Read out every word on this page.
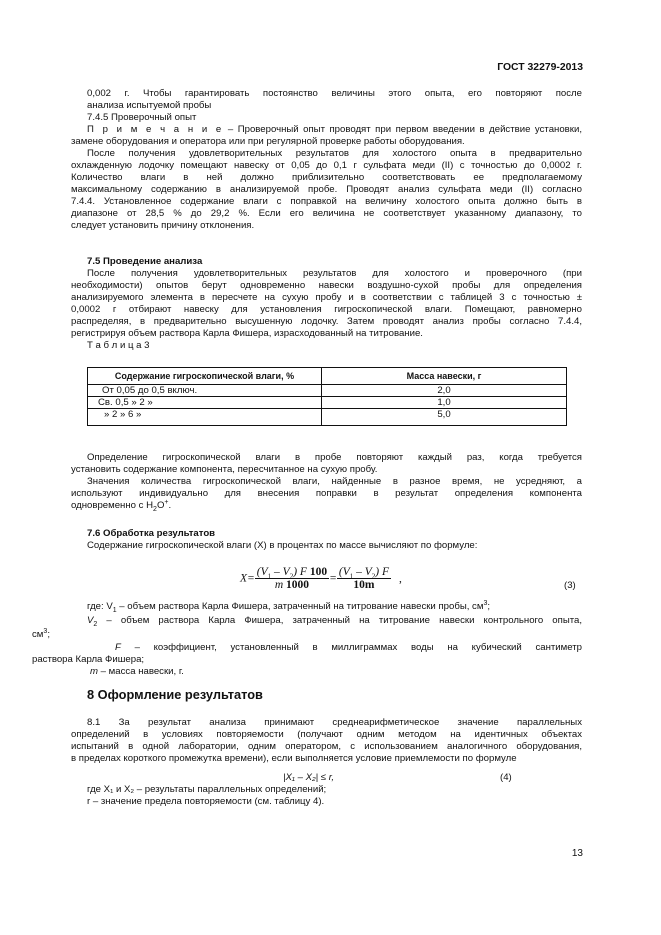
ГОСТ 32279-2013

0,002 г. Чтобы гарантировать постоянство величины этого опыта, его повторяют после

анализа испытуемой пробы

7.4.5 Проверочный опыт

П р и м е ч а н и е – Проверочный опыт проводят при первом введении в действие установки,

замене оборудования и оператора или при регулярной проверке работы оборудования.

После получения удовлетворительных результатов для холостого опыта в предварительно

охлажденную лодочку помещают навеску от 0,05 до 0,1 г сульфата меди (II) с точностью до 0,0002 г.

Количество влаги в ней должно приблизительно соответствовать ее предполагаемому

максимальному содержанию в анализируемой пробе. Проводят анализ сульфата меди (II) согласно

7.4.4. Установленное содержание влаги с поправкой на величину холостого опыта должно быть в

диапазоне от 28,5 % до 29,2 %. Если его величина не соответствует указанному диапазону, то

следует установить причину отклонения.

7.5 Проведение анализа

После получения удовлетворительных результатов для холостого и проверочного (при

необходимости) опытов берут одновременно навески воздушно-сухой пробы для определения

анализируемого элемента в пересчете на сухую пробу и в соответствии с таблицей 3 с точностью ±

0,0002 г отбирают навеску для установления гигроскопической влаги. Помещают, равномерно

распределяя, в предварительно высушенную лодочку. Затем проводят анализ пробы согласно 7.4.4,

регистрируя объем раствора Карла Фишера, израсходованный на титрование.

Т а б л и ц а 3

Содержание гигроскопической влаги, %	Масса навески, г
От 0,05 до 0,5 включ.	2,0
Св. 0,5 » 2 »	1,0
» 2 » 6 »	5,0

Определение гигроскопической влаги в пробе повторяют каждый раз, когда требуется

установить содержание компонента, пересчитанное на сухую пробу.

Значения количества гигроскопической влаги, найденные в разное время, не усредняют, а

используют индивидуально для внесения поправки в результат определения компонента

одновременно с $H_2O^+$.

7.6 Обработка результатов

Содержание гигроскопической влаги (X) в процентах по массе вычисляют по формуле:

$X= \frac{(V_1 - V_2) F 100}{m 1000} = \frac{(V_1 - V_2) F}{10m}$ ,
(3)

где: $V_1$ – объем раствора Карла Фишера, затраченный на титрование навески пробы, $см^3$;

$V_2$ – объем раствора Карла Фишера, затраченный на титрование навески контрольного опыта,

$см^3$;

F – коэффициент, установленный в миллиграммах воды на кубический сантиметр

раствора Карла Фишера;

m – масса навески, г.

8 Оформление результатов

8.1 За результат анализа принимают среднеарифметическое значение параллельных

определений в условиях повторяемости (получают одним методом на идентичных объектах

испытаний в одной лаборатории, одним оператором, с использованием аналогичного оборудования,

в пределах короткого промежутка времени), если выполняется условие приемлемости по формуле

|X₁ – X₂| ≤ r,	(4)

где X₁ и X₂ – результаты параллельных определений;

r – значение предела повторяемости (см. таблицу 4).

13
